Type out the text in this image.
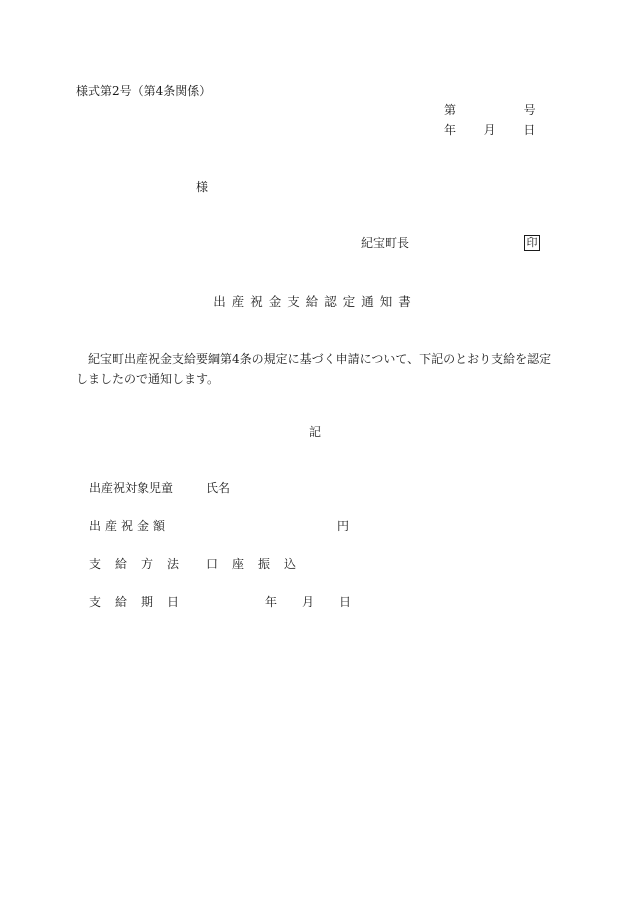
様式第2号（第4条関係）
第	号
年 月 日
様
紀宝町長	印
出産祝金支給認定通知書
紀宝町出産祝金支給要綱第4条の規定に基づく申請について、下記のとおり支給を認定しましたので通知します。
記
出産祝対象児童	氏名
出産祝金額	円
支給方法 口座振込
支給期日	年 月 日
